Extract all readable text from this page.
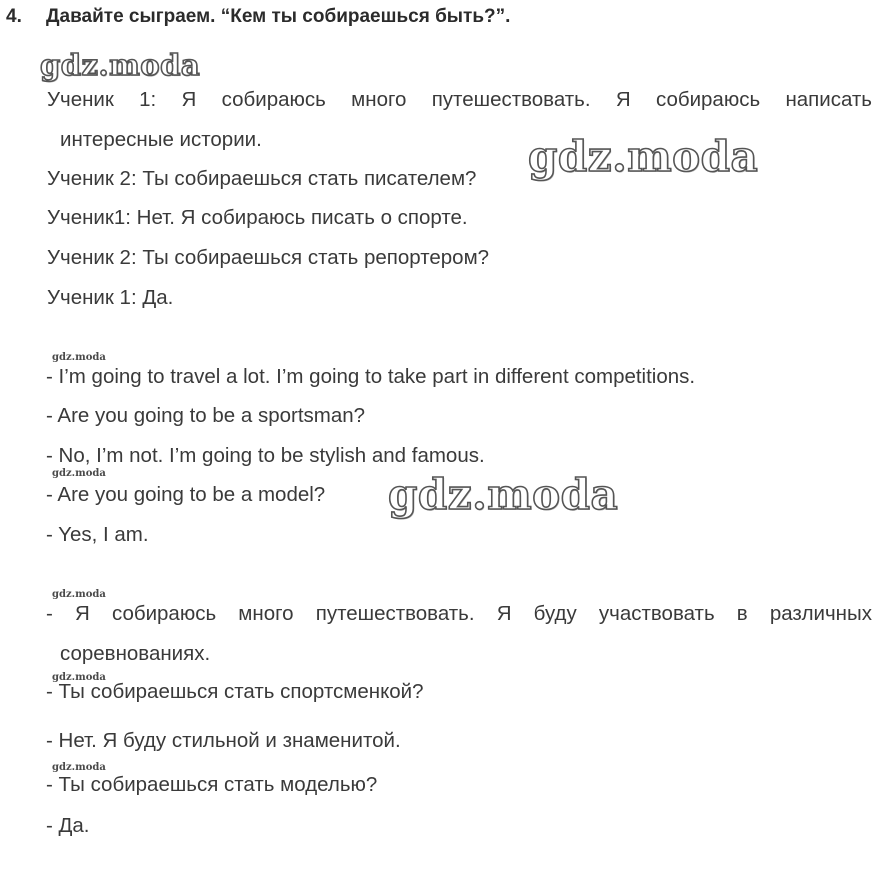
4. Давайте сыграем. “Кем ты собираешься быть?”.
gdz.moda
gdz.moda
gdz.moda
gdz.moda
gdz.moda
gdz.moda
gdz.moda
gdz.moda
Ученик 1: Я собираюсь много путешествовать. Я собираюсь написать
интересные истории.
Ученик 2: Ты собираешься стать писателем?
Ученик1: Нет. Я собираюсь писать о спорте.
Ученик 2: Ты собираешься стать репортером?
Ученик 1: Да.
- I’m going to travel a lot. I’m going to take part in different competitions.
- Are you going to be a sportsman?
- No, I’m not. I’m going to be stylish and famous.
- Are you going to be a model?
- Yes, I am.
- Я собираюсь много путешествовать. Я буду участвовать в различных
соревнованиях.
- Ты собираешься стать спортсменкой?
- Нет. Я буду стильной и знаменитой.
- Ты собираешься стать моделью?
- Да.
